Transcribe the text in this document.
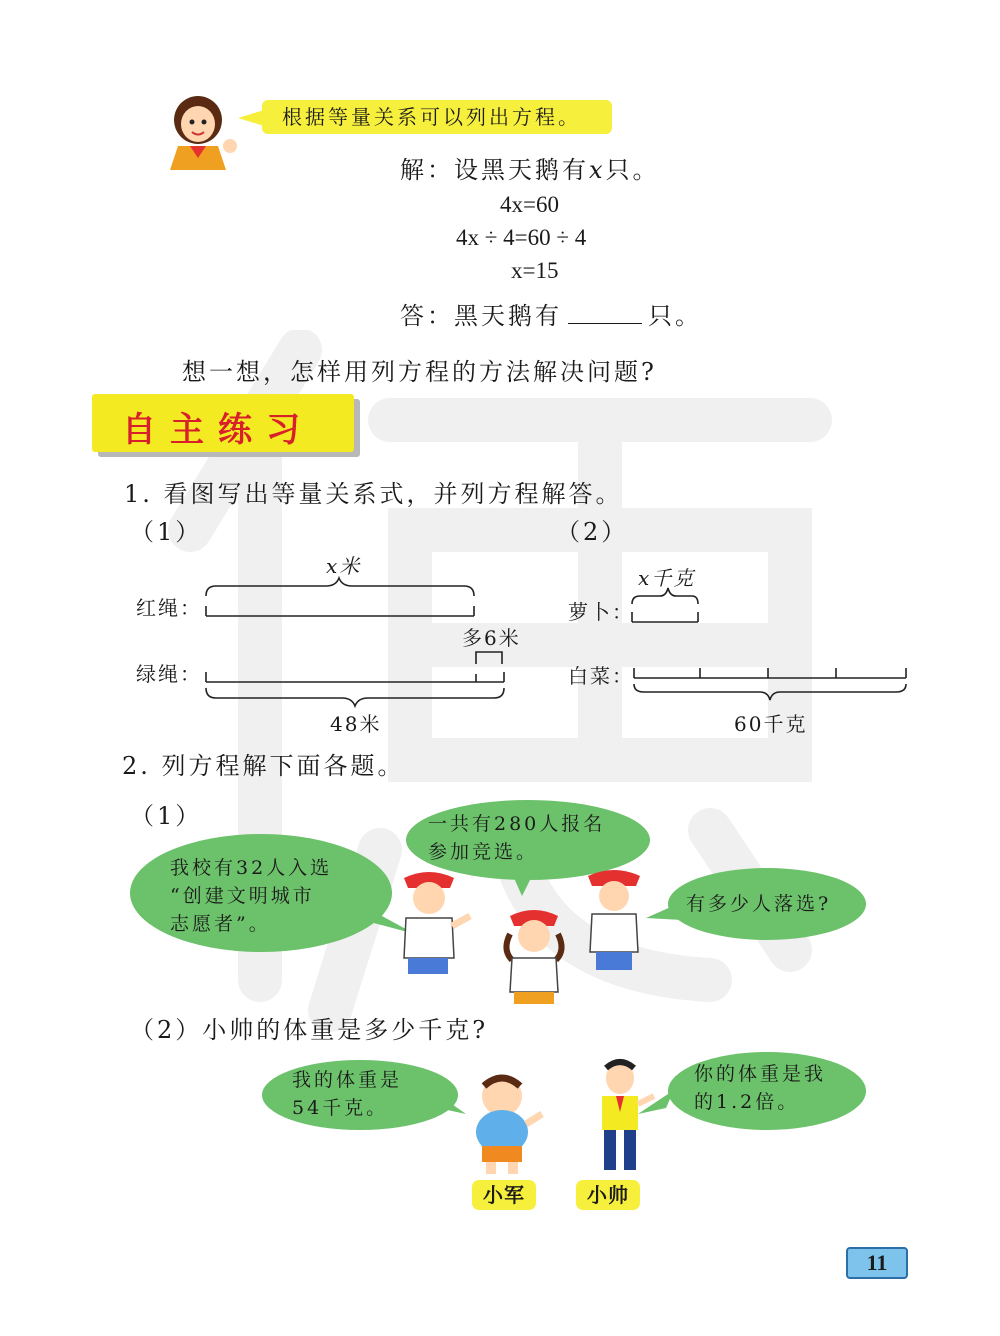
根据等量关系可以列出方程。
解：设黑天鹅有x只。
4x=60
4x ÷ 4=60 ÷ 4
x=15
答：黑天鹅有	只。
想一想，怎样用列方程的方法解决问题?
自主练习
1. 看图写出等量关系式，并列方程解答。
（1）	（2）
x米
红绳：
绿绳：
多6米
48米
x千克
萝卜：
白菜：
60千克
2. 列方程解下面各题。
（1）
我校有32人入选
“创建文明城市
志愿者”。
一共有280人报名
参加竞选。
有多少人落选?
（2）小帅的体重是多少千克?
我的体重是
54千克。
你的体重是我
的1.2倍。
小军	小帅
11
